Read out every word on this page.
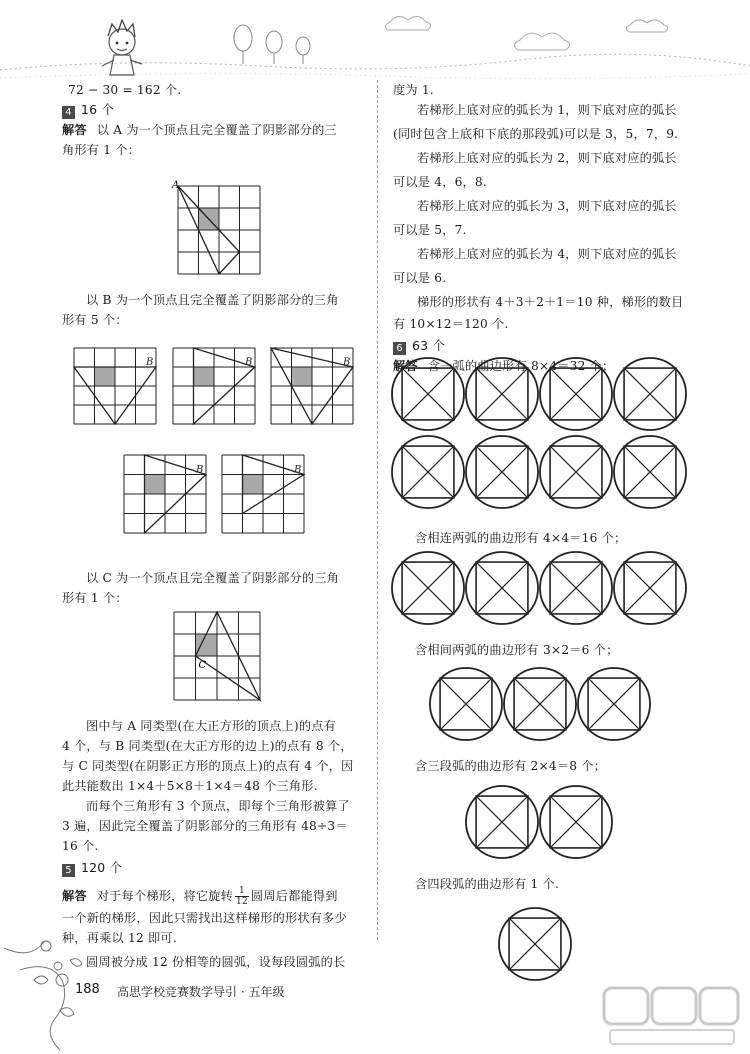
72 − 30 = 162 个.
4 16 个
解答 以 A 为一个顶点且完全覆盖了阴影部分的三
角形有 1 个：
以 B 为一个顶点且完全覆盖了阴影部分的三角
形有 5 个：
以 C 为一个顶点且完全覆盖了阴影部分的三角
形有 1 个：
图中与 A 同类型(在大正方形的顶点上)的点有
4 个，与 B 同类型(在大正方形的边上)的点有 8 个，
与 C 同类型(在阴影正方形的顶点上)的点有 4 个，因
此共能数出 1×4＋5×8＋1×4＝48 个三角形.
而每个三角形有 3 个顶点，即每个三角形被算了
3 遍，因此完全覆盖了阴影部分的三角形有 48÷3＝
16 个.
5 120 个
解答 对于每个梯形，将它旋转 $\frac{1}{12}$ 圆周后都能得到
一个新的梯形，因此只需找出这样梯形的形状有多少
种，再乘以 12 即可.
圆周被分成 12 份相等的圆弧，设每段圆弧的长
A
B	B	B
B	B
C
度为 1.
若梯形上底对应的弧长为 1，则下底对应的弧长
(同时包含上底和下底的那段弧)可以是 3，5，7，9.
若梯形上底对应的弧长为 2，则下底对应的弧长
可以是 4，6，8.
若梯形上底对应的弧长为 3，则下底对应的弧长
可以是 5，7.
若梯形上底对应的弧长为 4，则下底对应的弧长
可以是 6.
梯形的形状有 4＋3＋2＋1＝10 种，梯形的数目
有 10×12＝120 个.
6 63 个
解答 含一弧的曲边形有 8×4＝32 个；
含相连两弧的曲边形有 4×4＝16 个；
含相间两弧的曲边形有 3×2＝6 个；
含三段弧的曲边形有 2×4＝8 个；
含四段弧的曲边形有 1 个.
188 高思学校竞赛数学导引 · 五年级
